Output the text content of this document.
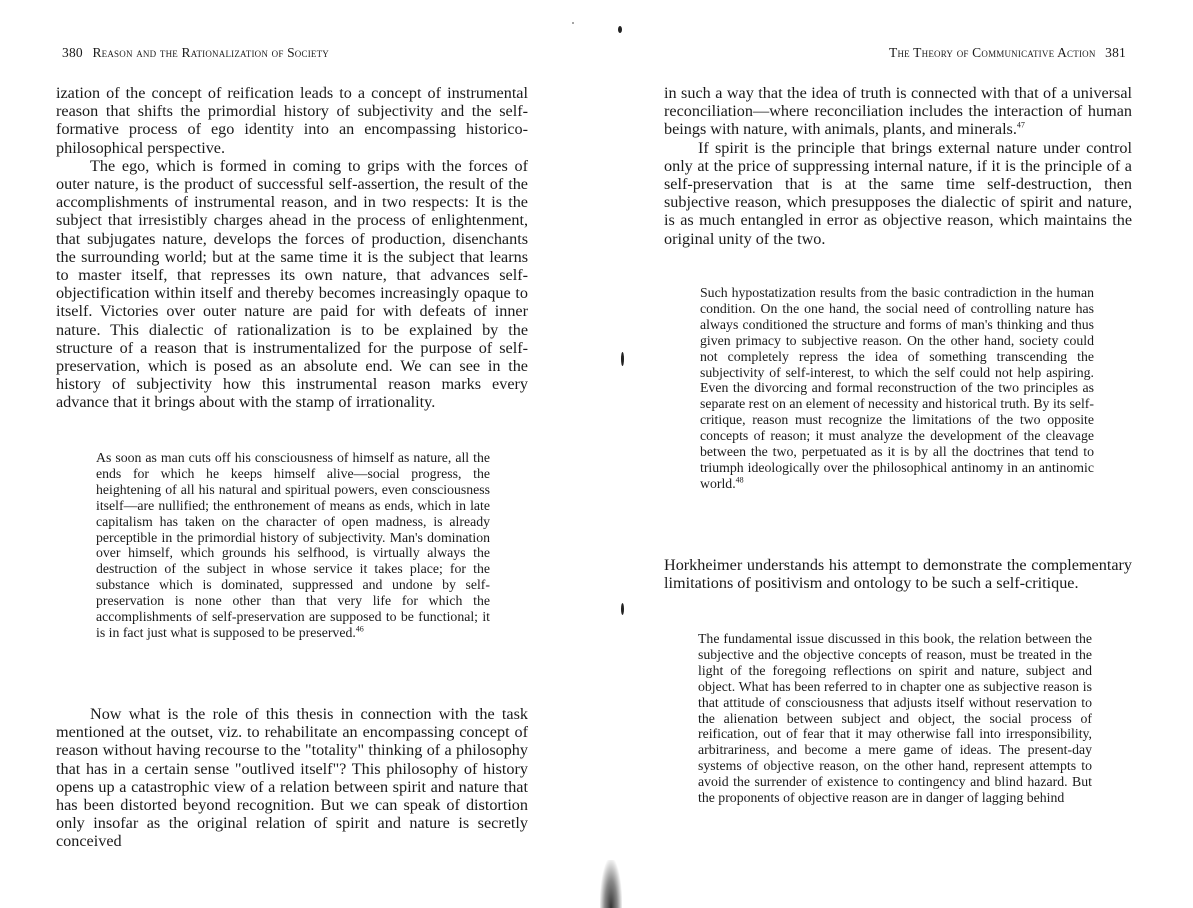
380 Reason and the Rationalization of Society

ization of the concept of reification leads to a concept of instrumental reason that shifts the primordial history of subjectivity and the self-formative process of ego identity into an encompassing historico-philosophical perspective.

The ego, which is formed in coming to grips with the forces of outer nature, is the product of successful self-assertion, the result of the accomplishments of instrumental reason, and in two respects: It is the subject that irresistibly charges ahead in the process of enlightenment, that subjugates nature, develops the forces of production, disenchants the surrounding world; but at the same time it is the subject that learns to master itself, that represses its own nature, that advances self-objectification within itself and thereby becomes increasingly opaque to itself. Victories over outer nature are paid for with defeats of inner nature. This dialectic of rationalization is to be explained by the structure of a reason that is instrumentalized for the purpose of self-preservation, which is posed as an absolute end. We can see in the history of subjectivity how this instrumental reason marks every advance that it brings about with the stamp of irrationality.

As soon as man cuts off his consciousness of himself as nature, all the ends for which he keeps himself alive—social progress, the heightening of all his natural and spiritual powers, even consciousness itself—are nullified; the enthronement of means as ends, which in late capitalism has taken on the character of open madness, is already perceptible in the primordial history of subjectivity. Man's domination over himself, which grounds his selfhood, is virtually always the destruction of the subject in whose service it takes place; for the substance which is dominated, suppressed and undone by self-preservation is none other than that very life for which the accomplishments of self-preservation are supposed to be functional; it is in fact just what is supposed to be preserved.$^{46}$

Now what is the role of this thesis in connection with the task mentioned at the outset, viz. to rehabilitate an encompassing concept of reason without having recourse to the "totality" thinking of a philosophy that has in a certain sense "outlived itself"? This philosophy of history opens up a catastrophic view of a relation between spirit and nature that has been distorted beyond recognition. But we can speak of distortion only insofar as the original relation of spirit and nature is secretly conceived

The Theory of Communicative Action 381

in such a way that the idea of truth is connected with that of a universal reconciliation—where reconciliation includes the interaction of human beings with nature, with animals, plants, and minerals.$^{47}$

If spirit is the principle that brings external nature under control only at the price of suppressing internal nature, if it is the principle of a self-preservation that is at the same time self-destruction, then subjective reason, which presupposes the dialectic of spirit and nature, is as much entangled in error as objective reason, which maintains the original unity of the two.

Such hypostatization results from the basic contradiction in the human condition. On the one hand, the social need of controlling nature has always conditioned the structure and forms of man's thinking and thus given primacy to subjective reason. On the other hand, society could not completely repress the idea of something transcending the subjectivity of self-interest, to which the self could not help aspiring. Even the divorcing and formal reconstruction of the two principles as separate rest on an element of necessity and historical truth. By its self-critique, reason must recognize the limitations of the two opposite concepts of reason; it must analyze the development of the cleavage between the two, perpetuated as it is by all the doctrines that tend to triumph ideologically over the philosophical antinomy in an antinomic world.$^{48}$

Horkheimer understands his attempt to demonstrate the complementary limitations of positivism and ontology to be such a self-critique.

The fundamental issue discussed in this book, the relation between the subjective and the objective concepts of reason, must be treated in the light of the foregoing reflections on spirit and nature, subject and object. What has been referred to in chapter one as subjective reason is that attitude of consciousness that adjusts itself without reservation to the alienation between subject and object, the social process of reification, out of fear that it may otherwise fall into irresponsibility, arbitrariness, and become a mere game of ideas. The present-day systems of objective reason, on the other hand, represent attempts to avoid the surrender of existence to contingency and blind hazard. But the proponents of objective reason are in danger of lagging behind
